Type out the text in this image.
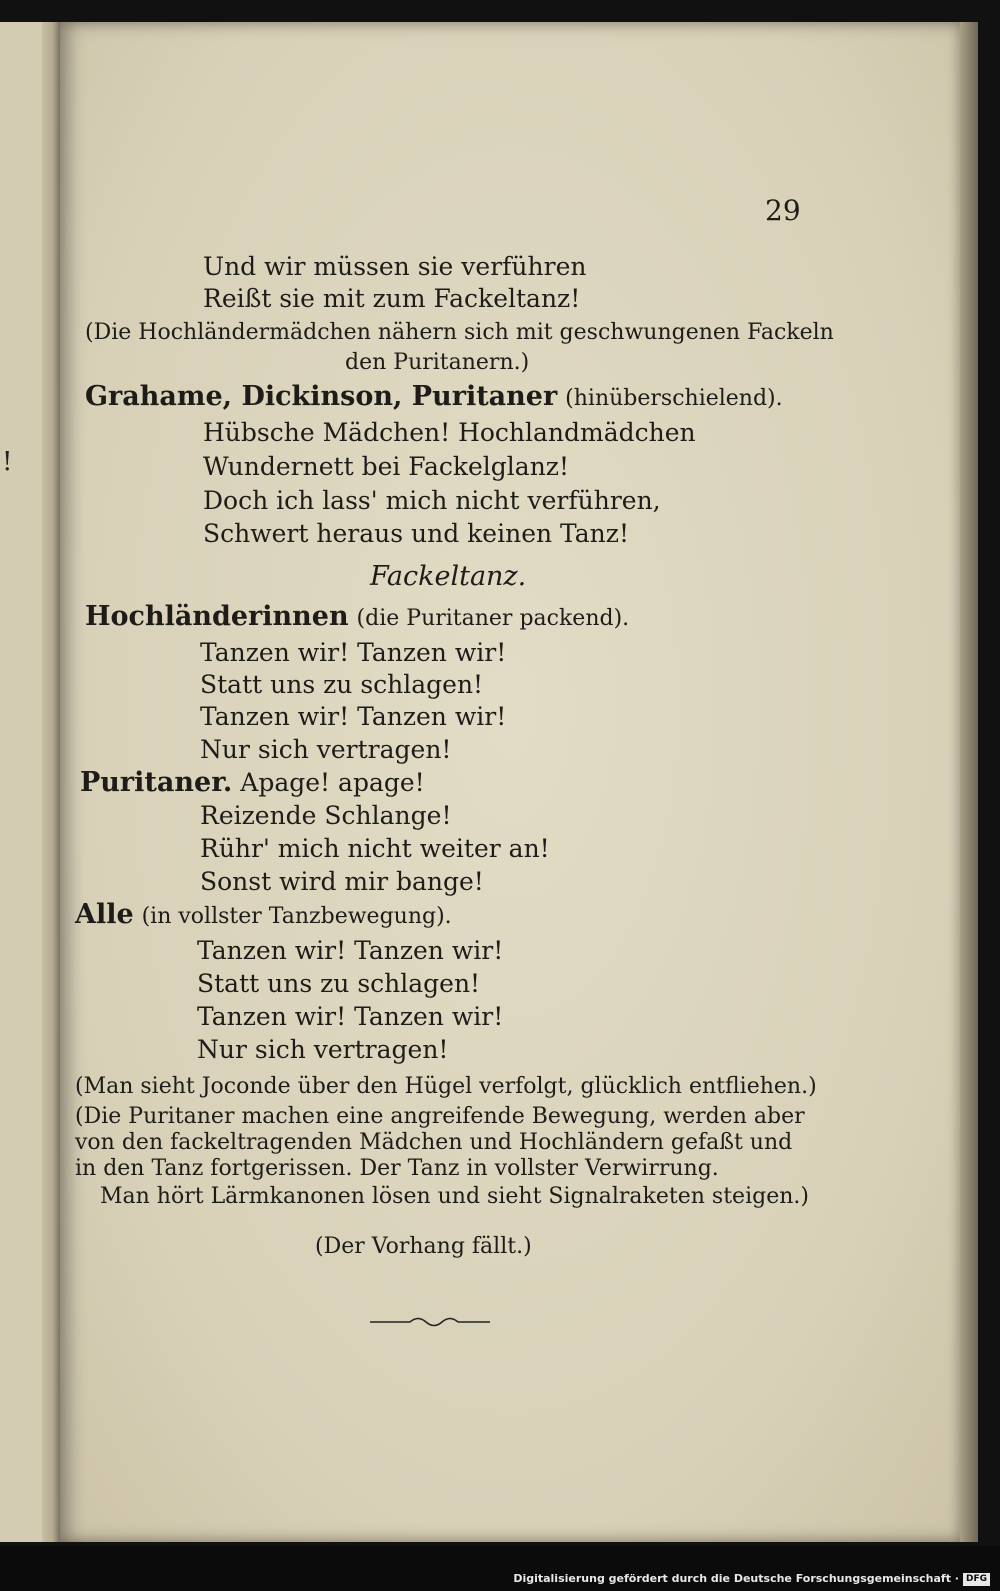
!
29
Und wir müssen sie verführen
Reißt sie mit zum Fackeltanz!
(Die Hochländermädchen nähern sich mit geschwungenen Fackeln
den Puritanern.)
Grahame, Dickinson, Puritaner (hinüberschielend).
Hübsche Mädchen! Hochlandmädchen
Wundernett bei Fackelglanz!
Doch ich lass' mich nicht verführen,
Schwert heraus und keinen Tanz!
Fackeltanz.
Hochländerinnen (die Puritaner packend).
Tanzen wir! Tanzen wir!
Statt uns zu schlagen!
Tanzen wir! Tanzen wir!
Nur sich vertragen!
Puritaner. Apage! apage!
Reizende Schlange!
Rühr' mich nicht weiter an!
Sonst wird mir bange!
Alle (in vollster Tanzbewegung).
Tanzen wir! Tanzen wir!
Statt uns zu schlagen!
Tanzen wir! Tanzen wir!
Nur sich vertragen!
(Man sieht Joconde über den Hügel verfolgt, glücklich entfliehen.)
(Die Puritaner machen eine angreifende Bewegung, werden aber
von den fackeltragenden Mädchen und Hochländern gefaßt und
in den Tanz fortgerissen. Der Tanz in vollster Verwirrung.
Man hört Lärmkanonen lösen und sieht Signalraketen steigen.)
(Der Vorhang fällt.)
Digitalisierung gefördert durch die Deutsche Forschungsgemeinschaft · DFG
